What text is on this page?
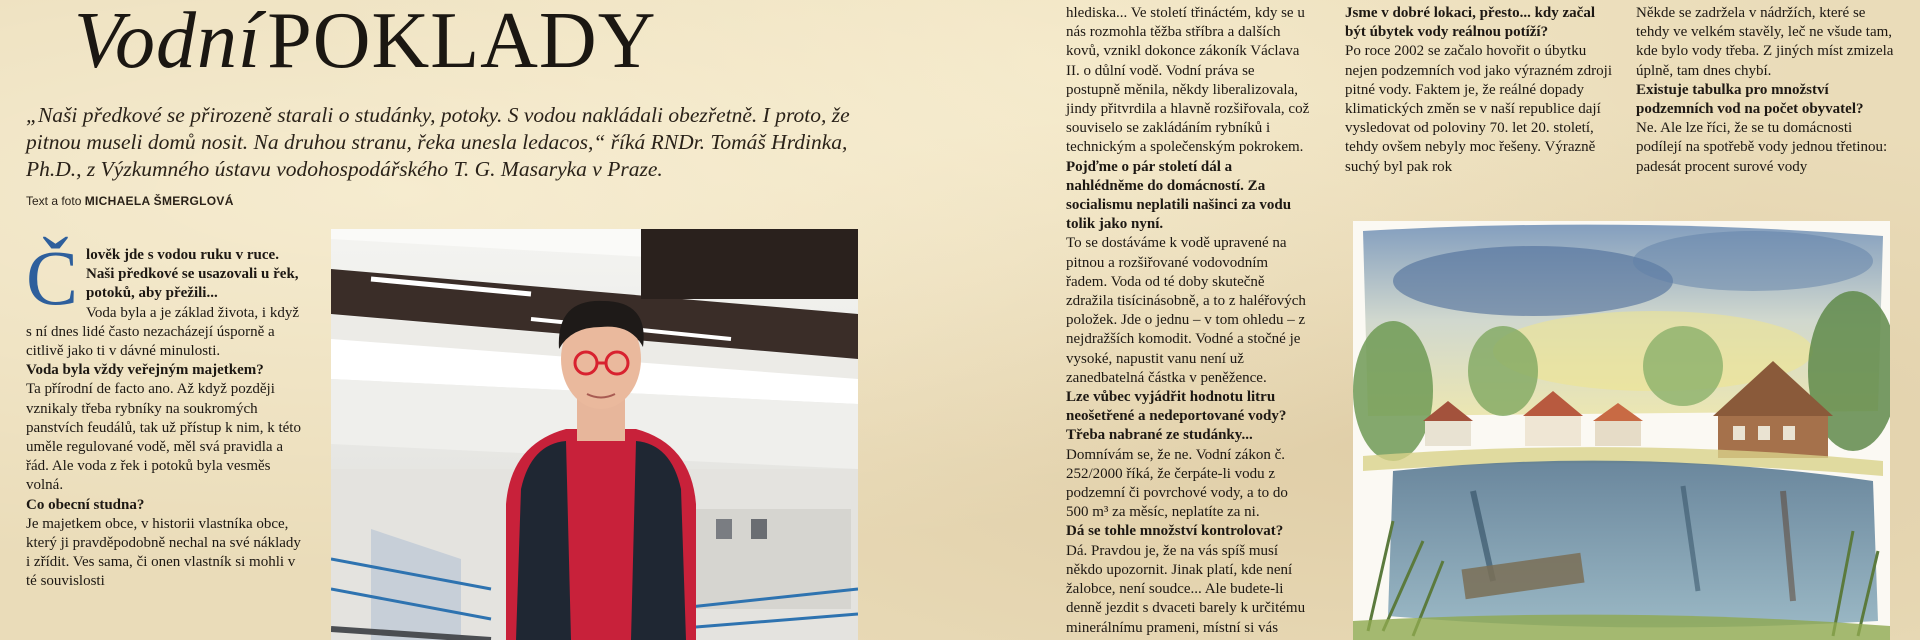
VodníPOKLADY
„Naši předkové se přirozeně starali o studánky, potoky. S vodou nakládali obezřetně. I proto, že pitnou museli domů nosit. Na druhou stranu, řeka unesla ledacos,“ říká RNDr. Tomáš Hrdinka, Ph.D., z Výzkumného ústavu vodohospodářského T. G. Masaryka v Praze.
Text a foto MICHAELA ŠMERGLOVÁ

Č lověk jde s vodou ruku v ruce. Naši předkové se usazovali u řek, potoků, aby přežili...

Voda byla a je základ života, i když s ní dnes lidé často nezacházejí úsporně a citlivě jako ti v dávné minulosti.

Voda byla vždy veřejným majetkem?

Ta přírodní de facto ano. Až když později vznikaly třeba rybníky na soukromých panstvích feudálů, tak už přístup k nim, k této uměle regulované vodě, měl svá pravidla a řád. Ale voda z řek i potoků byla vesměs volná.

Co obecní studna?

Je majetkem obce, v historii vlastníka obce, který ji pravděpodobně nechal na své náklady i zřídit. Ves sama, či onen vlastník si mohli v té souvislosti

hlediska... Ve století třináctém, kdy se u nás rozmohla těžba stříbra a dalších kovů, vznikl dokonce zákoník Václava II. o důlní vodě. Vodní práva se postupně měnila, někdy liberalizovala, jindy přitvrdila a hlavně rozšiřovala, což souviselo se zakládáním rybníků i technickým a společenským pokrokem.

Pojďme o pár století dál a nahlédněme do domácností. Za socialismu neplatili našinci za vodu tolik jako nyní.

To se dostáváme k vodě upravené na pitnou a rozšiřované vodovodním řadem. Voda od té doby skutečně zdražila tisícinásobně, a to z haléřových položek. Jde o jednu – v tom ohledu – z nejdražších komodit. Vodné a stočné je vysoké, napustit vanu není už zanedbatelná částka v peněžence.

Lze vůbec vyjádřit hodnotu litru neošetřené a nedeportované vody? Třeba nabrané ze studánky...

Domnívám se, že ne. Vodní zákon č. 252/2000 říká, že čerpáte-li vodu z podzemní či povrchové vody, a to do 500 m³ za měsíc, neplatíte za ni.

Dá se tohle množství kontrolovat?

Dá. Pravdou je, že na vás spíš musí někdo upozornit. Jinak platí, kde není žalobce, není soudce... Ale budete-li denně jezdit s dvaceti barely k určitému minerálnímu prameni, místní si vás

Jsme v dobré lokaci, přesto... kdy začal být úbytek vody reálnou potíží?

Po roce 2002 se začalo hovořit o úbytku nejen podzemních vod jako výrazném zdroji pitné vody. Faktem je, že reálné dopady klimatických změn se v naší republice dají vysledovat od poloviny 70. let 20. století, tehdy ovšem nebyly moc řešeny. Výrazně suchý byl pak rok

Někde se zadržela v nádržích, které se tehdy ve velkém stavěly, leč ne všude tam, kde bylo vody třeba. Z jiných míst zmizela úplně, tam dnes chybí.

Existuje tabulka pro množství podzemních vod na počet obyvatel?

Ne. Ale lze říci, že se tu domácnosti podílejí na spotřebě vody jednou třetinou: padesát procent surové vody
